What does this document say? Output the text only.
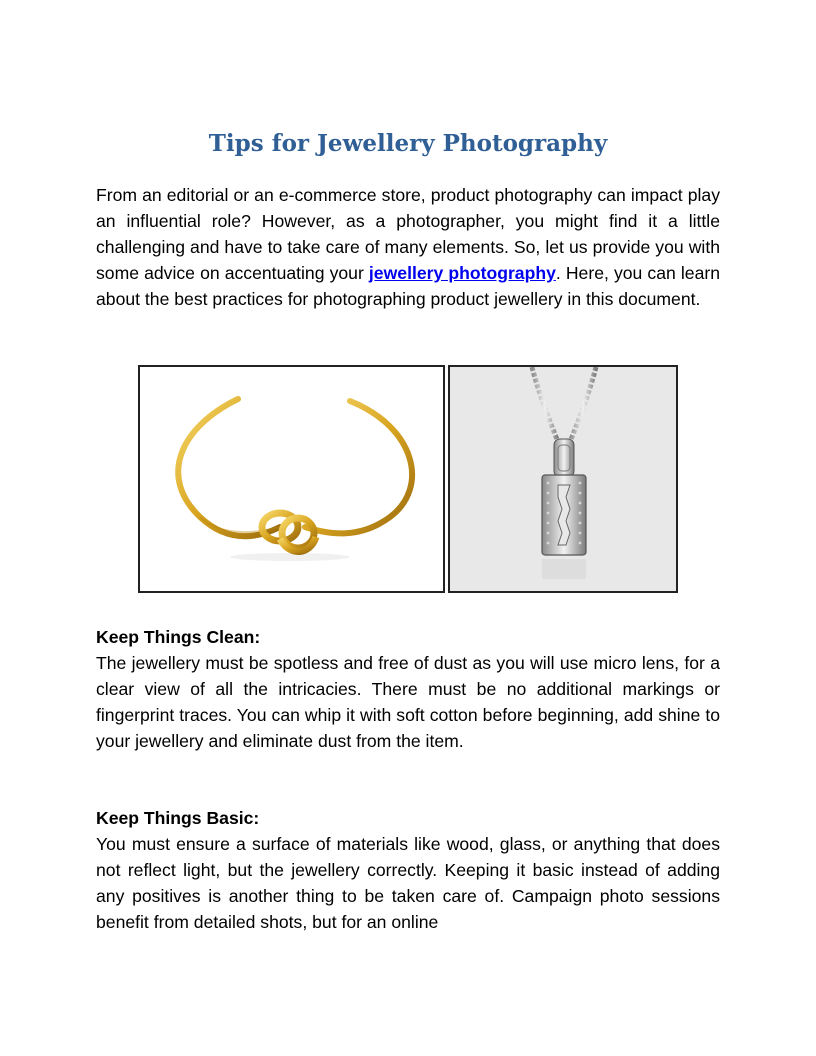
Tips for Jewellery Photography

From an editorial or an e-commerce store, product photography can impact play an influential role? However, as a photographer, you might find it a little challenging and have to take care of many elements. So, let us provide you with some advice on accentuating your jewellery photography. Here, you can learn about the best practices for photographing product jewellery in this document.

Keep Things Clean:

The jewellery must be spotless and free of dust as you will use micro lens, for a clear view of all the intricacies. There must be no additional markings or fingerprint traces. You can whip it with soft cotton before beginning, add shine to your jewellery and eliminate dust from the item.

Keep Things Basic:

You must ensure a surface of materials like wood, glass, or anything that does not reflect light, but the jewellery correctly. Keeping it basic instead of adding any positives is another thing to be taken care of. Campaign photo sessions benefit from detailed shots, but for an online
